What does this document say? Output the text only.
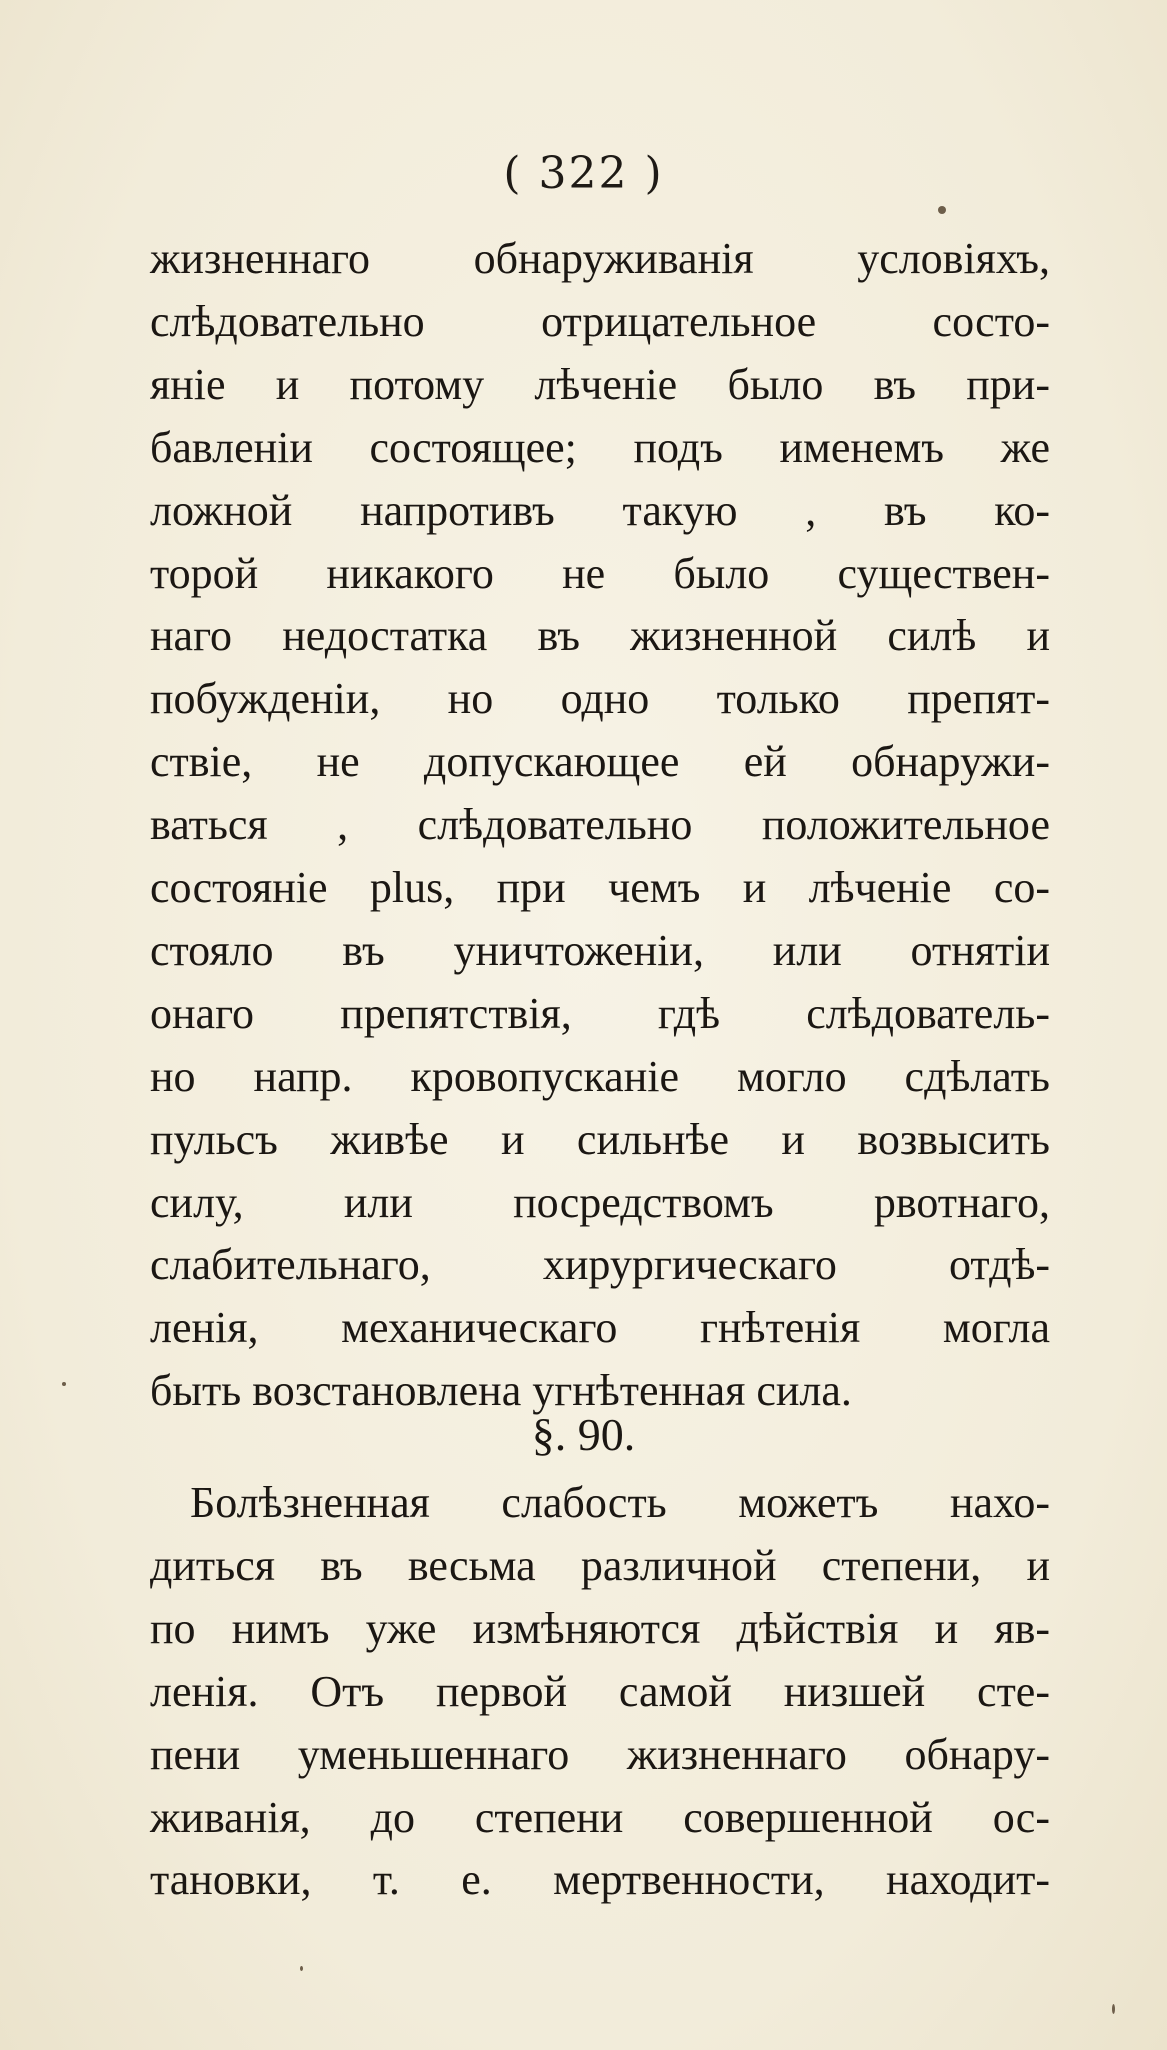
( 322 )
жизненнаго обнаруживанія условіяхъ,
слѣдовательно отрицательное состо-
яніе и потому лѣченіе было въ при-
бавленіи состоящее; подъ именемъ же
ложной напротивъ такую , въ ко-
торой никакого не было существен-
наго недостатка въ жизненной силѣ и
побужденіи, но одно только препят-
ствіе, не допускающее ей обнаружи-
ваться , слѣдовательно положительное
состояніе plus, при чемъ и лѣченіе со-
стояло въ уничтоженіи, или отнятіи
онаго препятствія, гдѣ слѣдователь-
но напр. кровопусканіе могло сдѣлать
пульсъ живѣе и сильнѣе и возвысить
силу, или посредствомъ рвотнаго,
слабительнаго, хирургическаго отдѣ-
ленія, механическаго гнѣтенія могла
быть возстановлена угнѣтенная сила.
§. 90.
Болѣзненная слабость можетъ нахо-
диться въ весьма различной степени, и
по нимъ уже измѣняются дѣйствія и яв-
ленія. Отъ первой самой низшей сте-
пени уменьшеннаго жизненнаго обнару-
живанія, до степени совершенной ос-
тановки, т. е. мертвенности, находит-
